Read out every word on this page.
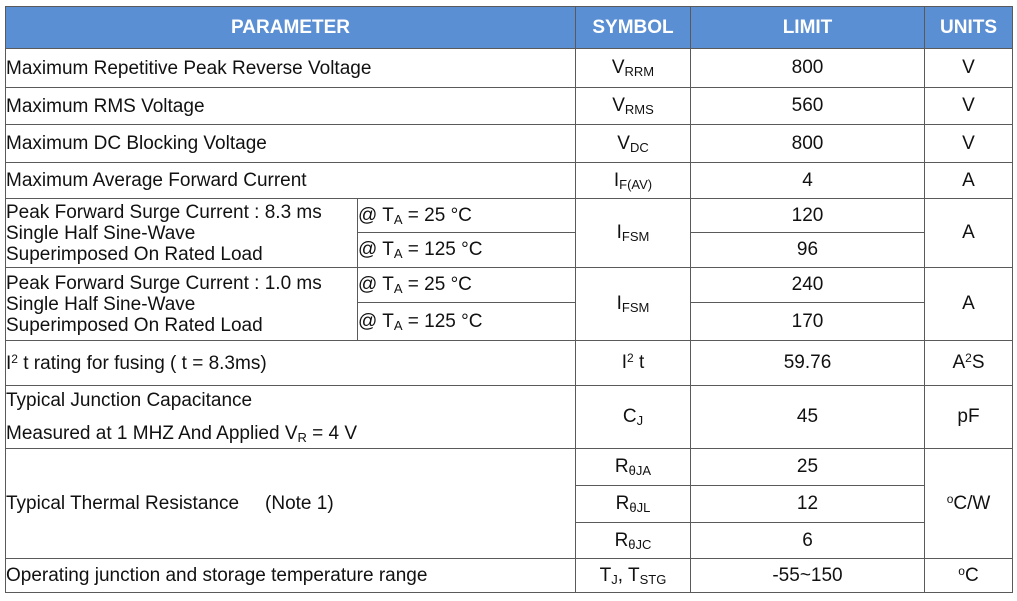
PARAMETER		SYMBOL	LIMIT	UNITS
Maximum Repetitive Peak Reverse Voltage		$V_{RRM}$	800	V
Maximum RMS Voltage		$V_{RMS}$	560	V
Maximum DC Blocking Voltage		$V_{DC}$	800	V
Maximum Average Forward Current		$I_{F(AV)}$	4	A
Peak Forward Surge Current : 8.3 ms
Single Half Sine-Wave
Superimposed On Rated Load	@ $T_A = 25$ °C	$I_{FSM}$	120	A
	@ $T_A = 125$ °C		96	
Peak Forward Surge Current : 1.0 ms
Single Half Sine-Wave
Superimposed On Rated Load	@ $T_A = 25$ °C	$I_{FSM}$	240	A
	@ $T_A = 125$ °C		170	
$I^2$ t rating for fusing ( t = 8.3ms)		$I^2$ t	59.76	$A^2S$

Typical Junction Capacitance
Measured at 1 MHZ And Applied $V_R = 4$ V		$C_J$	45	pF
Typical Thermal Resistance (Note 1)		$R_{\theta JA}$	25	$^o$C/W
		$R_{\theta JL}$	12	
		$R_{\theta JC}$	6	
Operating junction and storage temperature range		$T_J$, $T_{STG}$	-55~150	$^o$C
